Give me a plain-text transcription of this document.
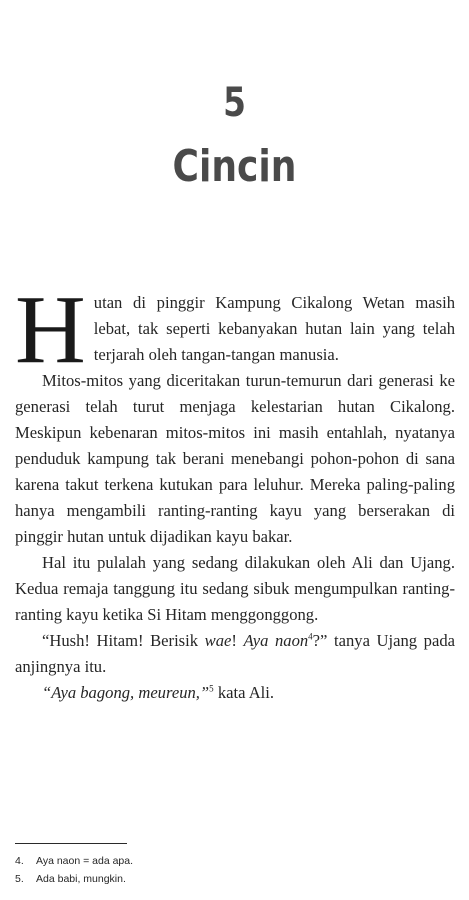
5
Cincin

Hutan di pinggir Kampung Cikalong Wetan masih lebat, tak seperti kebanyakan hutan lain yang telah terjarah oleh tangan-tangan manusia.

Mitos-mitos yang diceritakan turun-temurun dari generasi ke generasi telah turut menjaga kelestarian hutan Cikalong. Meskipun kebenaran mitos-mitos ini masih entahlah, nyatanya penduduk kampung tak berani menebangi pohon-pohon di sana karena takut terkena kutukan para leluhur. Mereka paling-paling hanya mengambili ranting-ranting kayu yang berserakan di pinggir hutan untuk dijadikan kayu bakar.

Hal itu pulalah yang sedang dilakukan oleh Ali dan Ujang. Kedua remaja tanggung itu sedang sibuk mengumpulkan ranting-ranting kayu ketika Si Hitam menggonggong.

“Hush! Hitam! Berisik wae! Aya naon$^4$?” tanya Ujang pada anjingnya itu.

“Aya bagong, meureun,”$^5$ kata Ali.

4. Aya naon = ada apa.
5. Ada babi, mungkin.
